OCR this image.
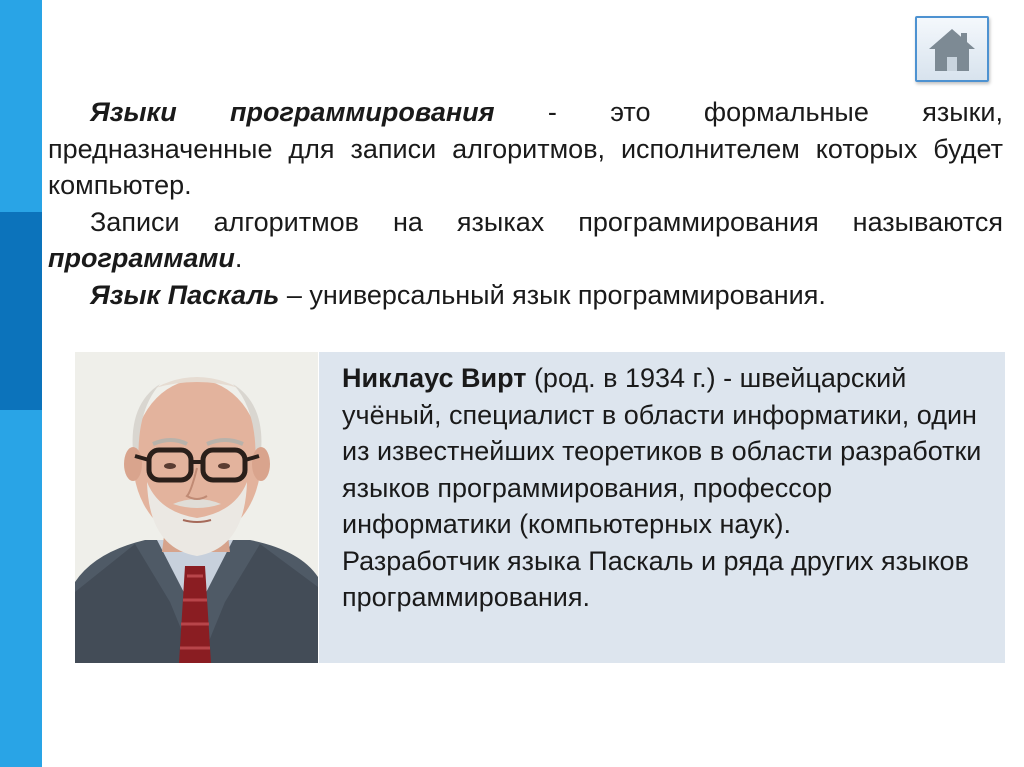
Языки программирования - это формальные языки, предназначенные для записи алгоритмов, исполнителем которых будет компьютер.

Записи алгоритмов на языках программирования называются программами.

Язык Паскаль – универсальный язык программирования.

Никлаус Вирт (род. в 1934 г.) - швейцарский учёный, специалист в области информатики, один из известнейших теоретиков в области разработки языков программирования, профессор информатики (компьютерных наук).
Разработчик языка Паскаль и ряда других языков программирования.
